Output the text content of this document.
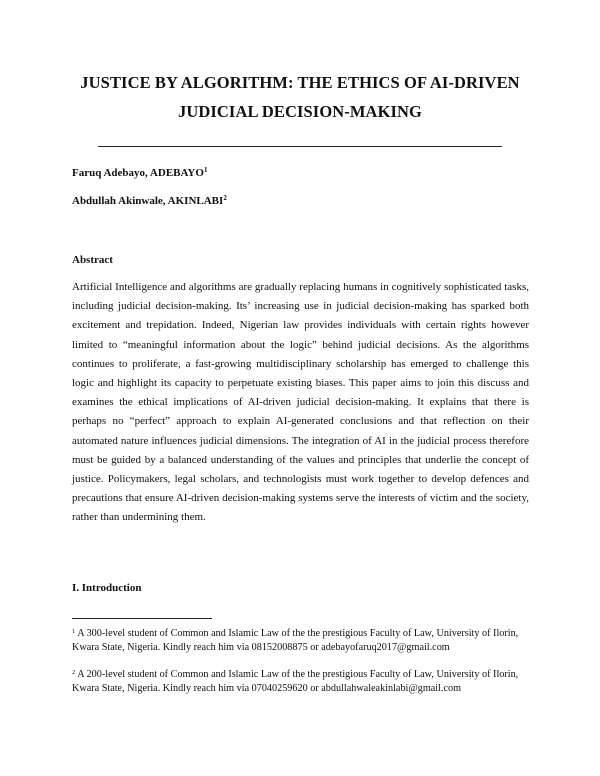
JUSTICE BY ALGORITHM: THE ETHICS OF AI-DRIVEN
JUDICIAL DECISION-MAKING
Faruq Adebayo, ADEBAYO$^1$
Abdullah Akinwale, AKINLABI$^2$
Abstract

Artificial Intelligence and algorithms are gradually replacing humans in cognitively sophisticated tasks, including judicial decision-making. Its’ increasing use in judicial decision-making has sparked both excitement and trepidation. Indeed, Nigerian law provides individuals with certain rights however limited to “meaningful information about the logic” behind judicial decisions. As the algorithms continues to proliferate, a fast-growing multidisciplinary scholarship has emerged to challenge this logic and highlight its capacity to perpetuate existing biases. This paper aims to join this discuss and examines the ethical implications of AI-driven judicial decision-making. It explains that there is perhaps no “perfect” approach to explain AI-generated conclusions and that reflection on their automated nature influences judicial dimensions. The integration of AI in the judicial process therefore must be guided by a balanced understanding of the values and principles that underlie the concept of justice. Policymakers, legal scholars, and technologists must work together to develop defences and precautions that ensure AI-driven decision-making systems serve the interests of victim and the society, rather than undermining them.

I. Introduction

$^1$ A 300-level student of Common and Islamic Law of the the prestigious Faculty of Law, University of Ilorin, Kwara State, Nigeria. Kindly reach him via 08152008875 or adebayofaruq2017@gmail.com

$^2$ A 200-level student of Common and Islamic Law of the the prestigious Faculty of Law, University of Ilorin, Kwara State, Nigeria. Kindly reach him via 07040259620 or abdullahwaleakinlabi@gmail.com
